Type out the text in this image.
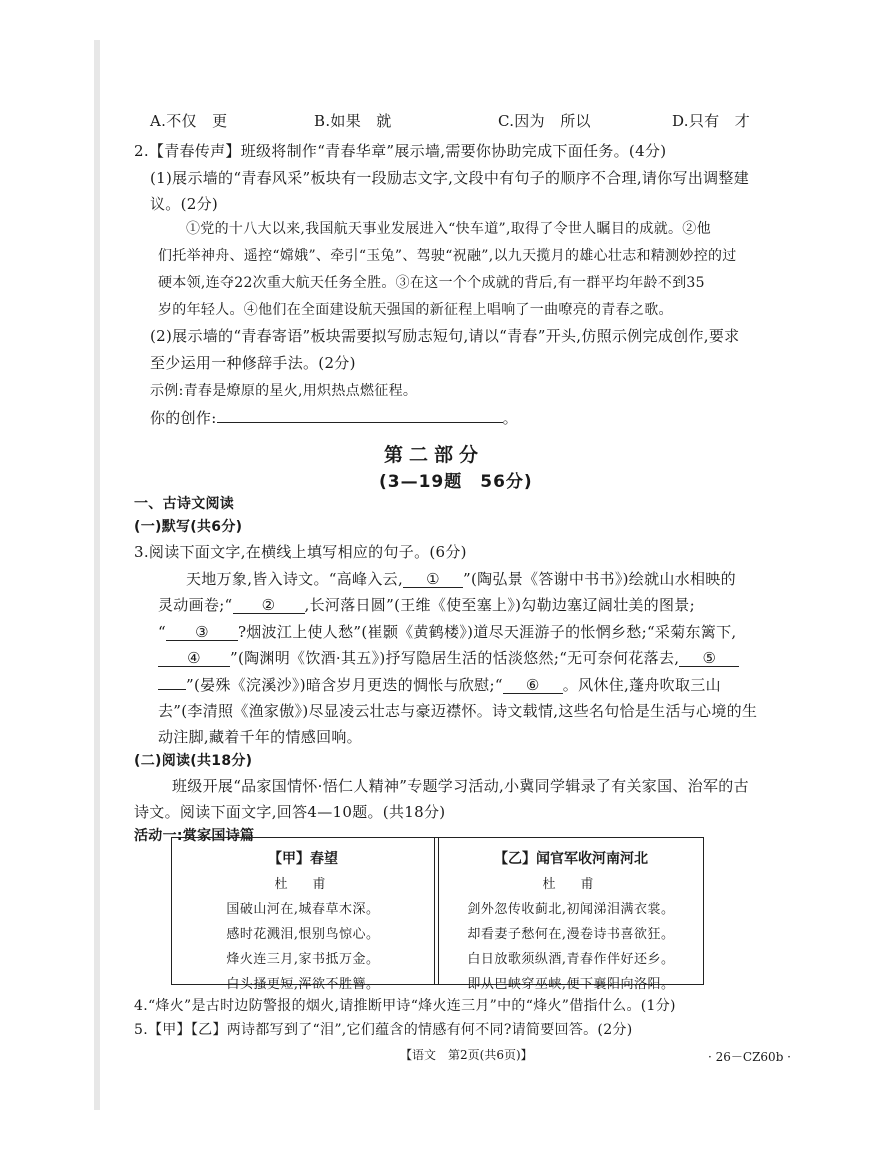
A.不仅　更	B.如果　就	C.因为　所以	D.只有　才
2.【青春传声】班级将制作“青春华章”展示墙,需要你协助完成下面任务。(4分)
(1)展示墙的“青春风采”板块有一段励志文字,文段中有句子的顺序不合理,请你写出调整建
议。(2分)
①党的十八大以来,我国航天事业发展进入“快车道”,取得了令世人瞩目的成就。②他
们托举神舟、遥控“嫦娥”、牵引“玉兔”、驾驶“祝融”,以九天揽月的雄心壮志和精测妙控的过
硬本领,连夺22次重大航天任务全胜。③在这一个个成就的背后,有一群平均年龄不到35
岁的年轻人。④他们在全面建设航天强国的新征程上唱响了一曲嘹亮的青春之歌。
(2)展示墙的“青春寄语”板块需要拟写励志短句,请以“青春”开头,仿照示例完成创作,要求
至少运用一种修辞手法。(2分)
示例:青春是燎原的星火,用炽热点燃征程。
你的创作:	。
第二部分
(3—19题　56分)
一、古诗文阅读
(一)默写(共6分)
3.阅读下面文字,在横线上填写相应的句子。(6分)
天地万象,皆入诗文。“高峰入云, ① ”(陶弘景《答谢中书书》)绘就山水相映的
灵动画卷;“ ② ,长河落日圆”(王维《使至塞上》)勾勒边塞辽阔壮美的图景;
“ ③ ?烟波江上使人愁”(崔颢《黄鹤楼》)道尽天涯游子的怅惘乡愁;“采菊东篱下,
④ ”(陶渊明《饮酒·其五》)抒写隐居生活的恬淡悠然;“无可奈何花落去, ⑤
”(晏殊《浣溪沙》)暗含岁月更迭的惆怅与欣慰;“ ⑥ 。风休住,蓬舟吹取三山
去”(李清照《渔家傲》)尽显凌云壮志与豪迈襟怀。诗文载情,这些名句恰是生活与心境的生
动注脚,藏着千年的情感回响。
(二)阅读(共18分)
班级开展“品家国情怀·悟仁人精神”专题学习活动,小冀同学辑录了有关家国、治军的古
诗文。阅读下面文字,回答4—10题。(共18分)
活动一:赏家国诗篇
【甲】春望
杜　甫
国破山河在,城春草木深。
感时花溅泪,恨别鸟惊心。
烽火连三月,家书抵万金。
白头搔更短,浑欲不胜簪。
【乙】闻官军收河南河北
杜　甫
剑外忽传收蓟北,初闻涕泪满衣裳。
却看妻子愁何在,漫卷诗书喜欲狂。
白日放歌须纵酒,青春作伴好还乡。
即从巴峡穿巫峡,便下襄阳向洛阳。
4.“烽火”是古时边防警报的烟火,请推断甲诗“烽火连三月”中的“烽火”借指什么。(1分)
5.【甲】【乙】两诗都写到了“泪”,它们蕴含的情感有何不同?请简要回答。(2分)
【语文　第2页(共6页)】	· 26－CZ60b ·
